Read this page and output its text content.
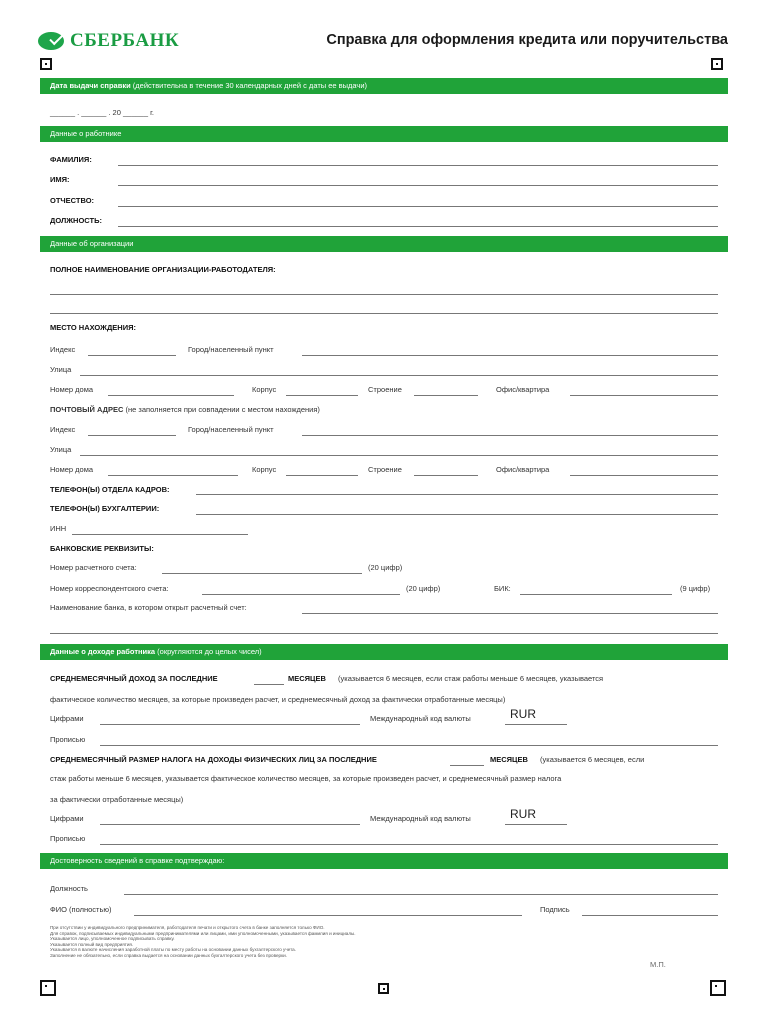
СБЕРБАНК	Справка для оформления кредита или поручительства
Дата выдачи справки (действительна в течение 30 календарных дней с даты ее выдачи)
______ . ______ . 20 ______ г.
Данные о работнике
ФАМИЛИЯ:
ИМЯ:
ОТЧЕСТВО:
ДОЛЖНОСТЬ:
Данные об организации
ПОЛНОЕ НАИМЕНОВАНИЕ ОРГАНИЗАЦИИ-РАБОТОДАТЕЛЯ:
МЕСТО НАХОЖДЕНИЯ:
Индекс	Город/населенный пункт
Улица
Номер дома	Корпус	Строение	Офис/квартира
ПОЧТОВЫЙ АДРЕС (не заполняется при совпадении с местом нахождения)
Индекс	Город/населенный пункт
Улица
Номер дома	Корпус	Строение	Офис/квартира
ТЕЛЕФОН(Ы) ОТДЕЛА КАДРОВ:
ТЕЛЕФОН(Ы) БУХГАЛТЕРИИ:
ИНН
БАНКОВСКИЕ РЕКВИЗИТЫ:
Номер расчетного счета:	(20 цифр)
Номер корреспондентского счета:	(20 цифр)	БИК:	(9 цифр)
Наименование банка, в котором открыт расчетный счет:
Данные о доходе работника (округляются до целых чисел)
СРЕДНЕМЕСЯЧНЫЙ ДОХОД ЗА ПОСЛЕДНИЕ	МЕСЯЦЕВ (указывается 6 месяцев, если стаж работы меньше 6 месяцев, указывается
фактическое количество месяцев, за которые произведен расчет, и среднемесячный доход за фактически отработанные месяцы)
Цифрами	Международный код валюты	RUR
Прописью
СРЕДНЕМЕСЯЧНЫЙ РАЗМЕР НАЛОГА НА ДОХОДЫ ФИЗИЧЕСКИХ ЛИЦ ЗА ПОСЛЕДНИЕ	МЕСЯЦЕВ (указывается 6 месяцев, если
стаж работы меньше 6 месяцев, указывается фактическое количество месяцев, за которые произведен расчет, и среднемесячный размер налога
за фактически отработанные месяцы)
Цифрами	Международный код валюты	RUR
Прописью
Достоверность сведений в справке подтверждаю:
Должность
ФИО (полностью)	Подпись
При отсутствии у индивидуального предпринимателя, работодателя печати и открытого счета в банке заполняется только ФИО.
Для справок, подписываемых индивидуальными предпринимателями или лицами, ими уполномоченными, указывается фамилия и инициалы.
Указывается лицо, уполномоченное подписывать справку.
Указывается полный вид предприятия.
Указывается в валюте начисления заработной платы по месту работы на основании данных бухгалтерского учета.
Заполнение не обязательно, если справка выдается на основании данных бухгалтерского учета без проверки.
М.П.
